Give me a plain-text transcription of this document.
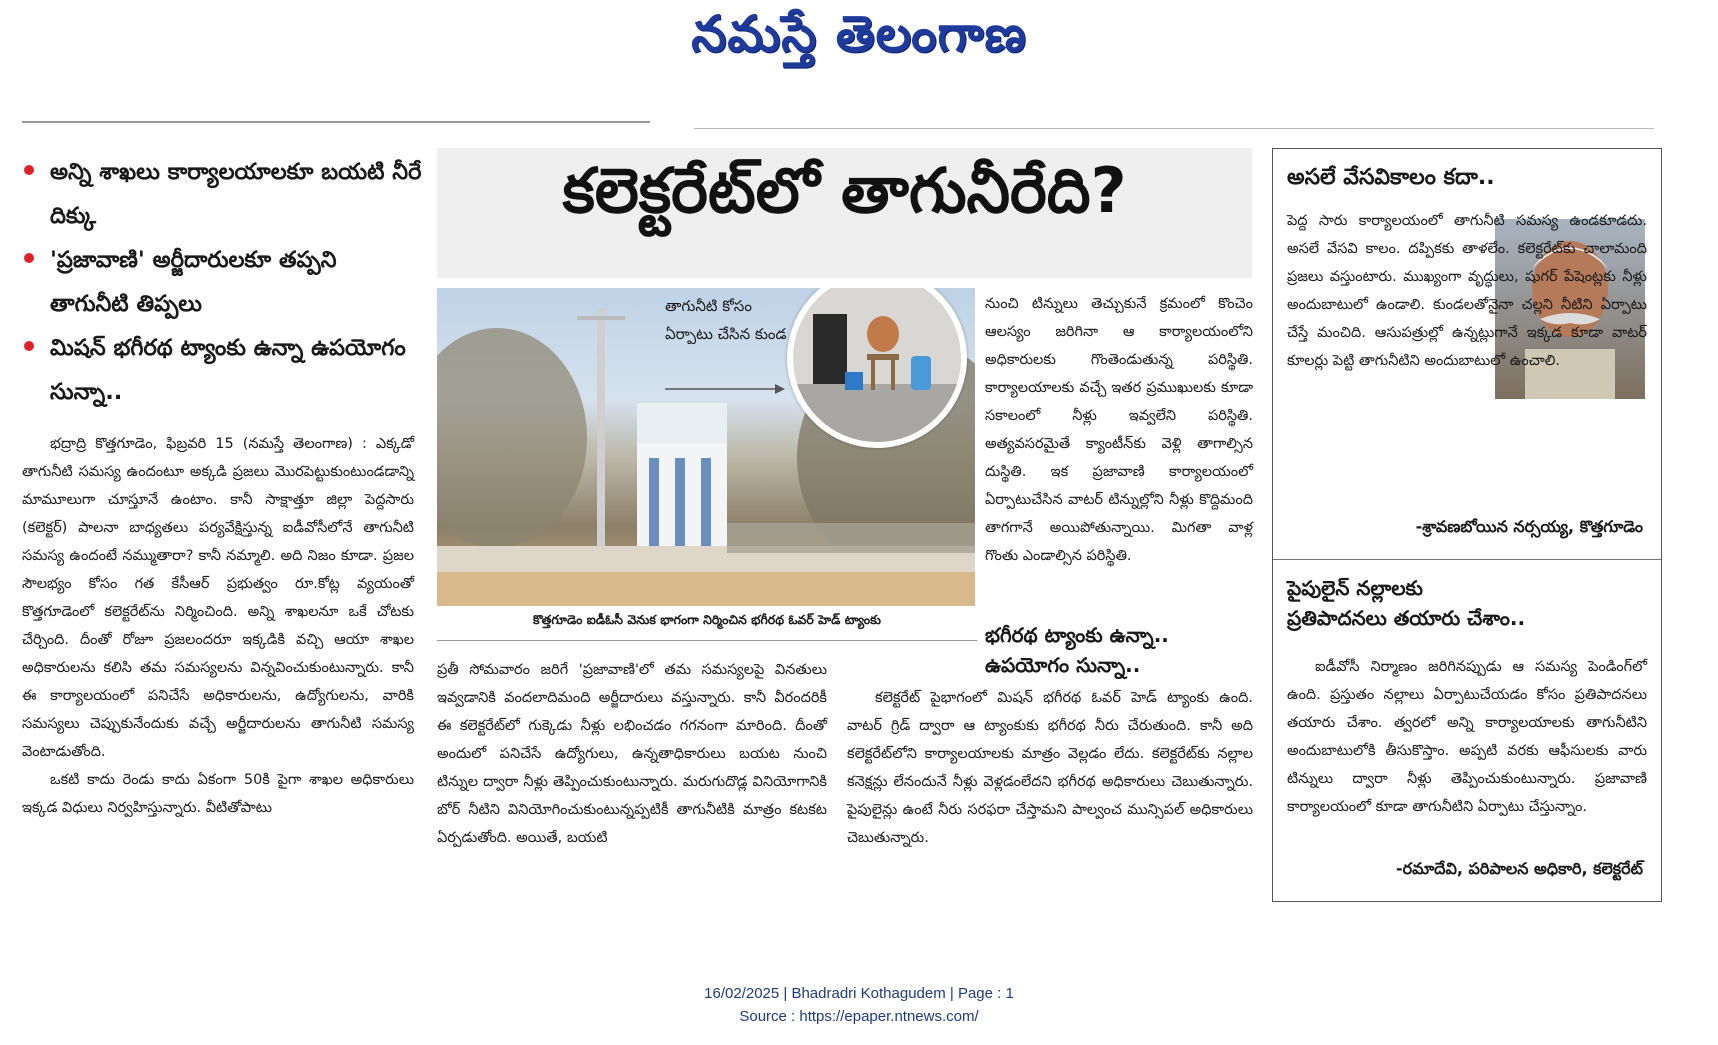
నమస్తే తెలంగాణ
అన్ని శాఖలు కార్యాలయాలకూ బయటి నీరే దిక్కు
'ప్రజావాణి' అర్జీదారులకూ తప్పని తాగునీటి తిప్పలు
మిషన్ భగీరథ ట్యాంకు ఉన్నా ఉపయోగం సున్నా..
భద్రాద్రి కొత్తగూడెం, ఫిబ్రవరి 15 (నమస్తే తెలంగాణ) : ఎక్కడో తాగునీటి సమస్య ఉందంటూ అక్కడి ప్రజలు మొరపెట్టుకుంటుండడాన్ని మామూలుగా చూస్తూనే ఉంటాం. కానీ సాక్షాత్తూ జిల్లా పెద్దసారు (కలెక్టర్) పాలనా బాధ్యతలు పర్యవేక్షిస్తున్న ఐడీవోసీలోనే తాగునీటి సమస్య ఉందంటే నమ్ముతారా? కానీ నమ్మాలి. అది నిజం కూడా. ప్రజల సౌలభ్యం కోసం గత కేసీఆర్ ప్రభుత్వం రూ.కోట్ల వ్యయంతో కొత్తగూడెంలో కలెక్టరేట్‌ను నిర్మించింది. అన్ని శాఖలనూ ఒకే చోటకు చేర్చింది. దీంతో రోజూ ప్రజలందరూ ఇక్కడికి వచ్చి ఆయా శాఖల అధికారులను కలిసి తమ సమస్యలను విన్నవించుకుంటున్నారు. కానీ ఈ కార్యాలయంలో పనిచేసే అధికారులను, ఉద్యోగులను, వారికి సమస్యలు చెప్పుకునేందుకు వచ్చే అర్జీదారులను తాగునీటి సమస్య వెంటాడుతోంది.
ఒకటి కాదు రెండు కాదు ఏకంగా 50కి పైగా శాఖల అధికారులు ఇక్కడ విధులు నిర్వహిస్తున్నారు. వీటితోపాటు
కలెక్టరేట్‌లో తాగునీరేది?
తాగునీటి కోసం ఏర్పాటు చేసిన కుండ
కొత్తగూడెం ఐడీఓసీ వెనుక భాగంగా నిర్మించిన భగీరథ ఓవర్ హెడ్ ట్యాంకు
ప్రతీ సోమవారం జరిగే 'ప్రజావాణి'లో తమ సమస్యలపై వినతులు ఇవ్వడానికి వందలాదిమంది అర్జీదారులు వస్తున్నారు. కానీ వీరందరికీ ఈ కలెక్టరేట్‌లో గుక్కెడు నీళ్లు లభించడం గగనంగా మారింది. దీంతో అందులో పనిచేసే ఉద్యోగులు, ఉన్నతాధికారులు బయట నుంచి టిన్నుల ద్వారా నీళ్లు తెప్పించుకుంటున్నారు. మరుగుదొడ్ల వినియోగానికి బోర్ నీటిని వినియోగించుకుంటున్నప్పటికీ తాగునీటికి మాత్రం కటకట ఏర్పడుతోంది. అయితే, బయటి
నుంచి టిన్నులు తెచ్చుకునే క్రమంలో కొంచెం ఆలస్యం జరిగినా ఆ కార్యాలయంలోని అధికారులకు గొంతెండుతున్న పరిస్థితి. కార్యాలయాలకు వచ్చే ఇతర ప్రముఖులకు కూడా సకాలంలో నీళ్లు ఇవ్వలేని పరిస్థితి. అత్యవసరమైతే క్యాంటీన్‌కు వెళ్లి తాగాల్సిన దుస్థితి. ఇక ప్రజావాణి కార్యాలయంలో ఏర్పాటుచేసిన వాటర్ టిన్నుల్లోని నీళ్లు కొద్దిమంది తాగగానే అయిపోతున్నాయి. మిగతా వాళ్ల గొంతు ఎండాల్సిన పరిస్థితి.
భగీరథ ట్యాంకు ఉన్నా..
ఉపయోగం సున్నా..
కలెక్టరేట్ పైభాగంలో మిషన్ భగీరథ ఓవర్ హెడ్ ట్యాంకు ఉంది. వాటర్ గ్రిడ్ ద్వారా ఆ ట్యాంకుకు భగీరథ నీరు చేరుతుంది. కానీ అది కలెక్టరేట్‌లోని కార్యాలయాలకు మాత్రం వెల్లడం లేదు. కలెక్టరేట్‌కు నల్లాల కనెక్షన్లు లేనందునే నీళ్లు వెళ్లడంలేదని భగీరథ అధికారులు చెబుతున్నారు. పైపులైన్లు ఉంటే నీరు సరఫరా చేస్తామని పాల్వంచ మున్సిపల్ అధికారులు చెబుతున్నారు.
అసలే వేసవికాలం కదా..
పెద్ద సారు కార్యాలయంలో తాగునీటి సమస్య ఉండకూడదు. అసలే వేసవి కాలం. దప్పికకు తాళలేం. కలెక్టరేట్‌కు చాలామంది ప్రజలు వస్తుంటారు. ముఖ్యంగా వృద్ధులు, షుగర్ పేషెంట్లకు నీళ్లు అందుబాటులో ఉండాలి. కుండలతోనైనా చల్లని నీటిని ఏర్పాటు చేస్తే మంచిది. ఆసుపత్రుల్లో ఉన్నట్లుగానే ఇక్కడ కూడా వాటర్ కూలర్లు పెట్టి తాగునీటిని అందుబాటులో ఉంచాలి.
-శ్రావణబోయిన నర్సయ్య, కొత్తగూడెం
పైపులైన్ నల్లాలకు
ప్రతిపాదనలు తయారు చేశాం..
ఐడీవోసీ నిర్మాణం జరిగినప్పుడు ఆ సమస్య పెండింగ్‌లో ఉంది. ప్రస్తుతం నల్లాలు ఏర్పాటుచేయడం కోసం ప్రతిపాదనలు తయారు చేశాం. త్వరలో అన్ని కార్యాలయాలకు తాగునీటిని అందుబాటులోకి తీసుకొస్తాం. అప్పటి వరకు ఆఫీసులకు వారు టిన్నులు ద్వారా నీళ్లు తెప్పించుకుంటున్నారు. ప్రజావాణి కార్యాలయంలో కూడా తాగునీటిని ఏర్పాటు చేస్తున్నాం.
-రమాదేవి, పరిపాలన అధికారి, కలెక్టరేట్
16/02/2025 | Bhadradri Kothagudem | Page : 1
Source : https://epaper.ntnews.com/
